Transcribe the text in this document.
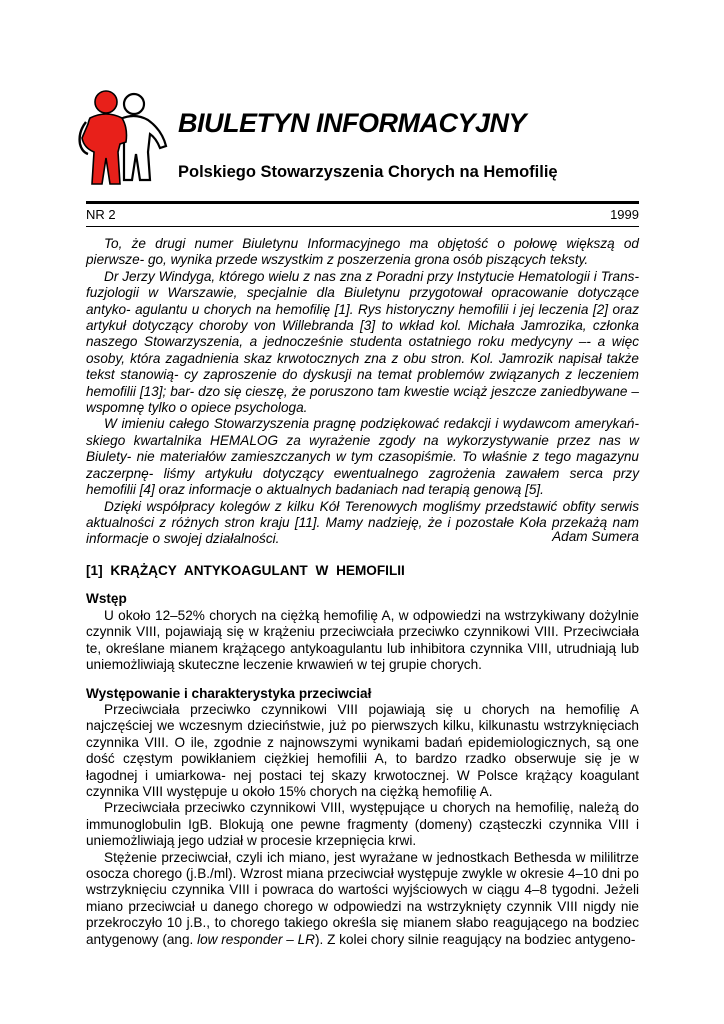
BIULETYN INFORMACYJNY
Polskiego Stowarzyszenia Chorych na Hemofilię
NR 2	1999

To, że drugi numer Biuletynu Informacyjnego ma objętość o połowę większą od pierwsze- go, wynika przede wszystkim z poszerzenia grona osób piszących teksty.

Dr Jerzy Windyga, którego wielu z nas zna z Poradni przy Instytucie Hematologii i Trans- fuzjologii w Warszawie, specjalnie dla Biuletynu przygotował opracowanie dotyczące antyko- agulantu u chorych na hemofilię [1]. Rys historyczny hemofilii i jej leczenia [2] oraz artykuł dotyczący choroby von Willebranda [3] to wkład kol. Michała Jamrozika, członka naszego Stowarzyszenia, a jednocześnie studenta ostatniego roku medycyny –- a więc osoby, która zagadnienia skaz krwotocznych zna z obu stron. Kol. Jamrozik napisał także tekst stanowią- cy zaproszenie do dyskusji na temat problemów związanych z leczeniem hemofilii [13]; bar- dzo się cieszę, że poruszono tam kwestie wciąż jeszcze zaniedbywane – wspomnę tylko o opiece psychologa.

W imieniu całego Stowarzyszenia pragnę podziękować redakcji i wydawcom amerykań- skiego kwartalnika HEMALOG za wyrażenie zgody na wykorzystywanie przez nas w Biulety- nie materiałów zamieszczanych w tym czasopiśmie. To właśnie z tego magazynu zaczerpnę- liśmy artykułu dotyczący ewentualnego zagrożenia zawałem serca przy hemofilii [4] oraz informacje o aktualnych badaniach nad terapią genową [5].

Dzięki współpracy kolegów z kilku Kół Terenowych mogliśmy przedstawić obfity serwis aktualności z różnych stron kraju [11]. Mamy nadzieję, że i pozostałe Koła przekażą nam informacje o swojej działalności.	Adam Sumera
[1] KRĄŻĄCY ANTYKOAGULANT W HEMOFILII
Wstęp

U około 12–52% chorych na ciężką hemofilię A, w odpowiedzi na wstrzykiwany dożylnie czynnik VIII, pojawiają się w krążeniu przeciwciała przeciwko czynnikowi VIII. Przeciwciała te, określane mianem krążącego antykoagulantu lub inhibitora czynnika VIII, utrudniają lub uniemożliwiają skuteczne leczenie krwawień w tej grupie chorych.

Występowanie i charakterystyka przeciwciał

Przeciwciała przeciwko czynnikowi VIII pojawiają się u chorych na hemofilię A najczęściej we wczesnym dzieciństwie, już po pierwszych kilku, kilkunastu wstrzyknięciach czynnika VIII. O ile, zgodnie z najnowszymi wynikami badań epidemiologicznych, są one dość częstym powikłaniem ciężkiej hemofilii A, to bardzo rzadko obserwuje się je w łagodnej i umiarkowa- nej postaci tej skazy krwotocznej. W Polsce krążący koagulant czynnika VIII występuje u około 15% chorych na ciężką hemofilię A.

Przeciwciała przeciwko czynnikowi VIII, występujące u chorych na hemofilię, należą do immunoglobulin IgB. Blokują one pewne fragmenty (domeny) cząsteczki czynnika VIII i uniemożliwiają jego udział w procesie krzepnięcia krwi.

Stężenie przeciwciał, czyli ich miano, jest wyrażane w jednostkach Bethesda w mililitrze osocza chorego (j.B./ml). Wzrost miana przeciwciał występuje zwykle w okresie 4–10 dni po wstrzyknięciu czynnika VIII i powraca do wartości wyjściowych w ciągu 4–8 tygodni. Jeżeli miano przeciwciał u danego chorego w odpowiedzi na wstrzyknięty czynnik VIII nigdy nie przekroczyło 10 j.B., to chorego takiego określa się mianem słabo reagującego na bodziec antygenowy (ang. low responder – LR). Z kolei chory silnie reagujący na bodziec antygeno-
